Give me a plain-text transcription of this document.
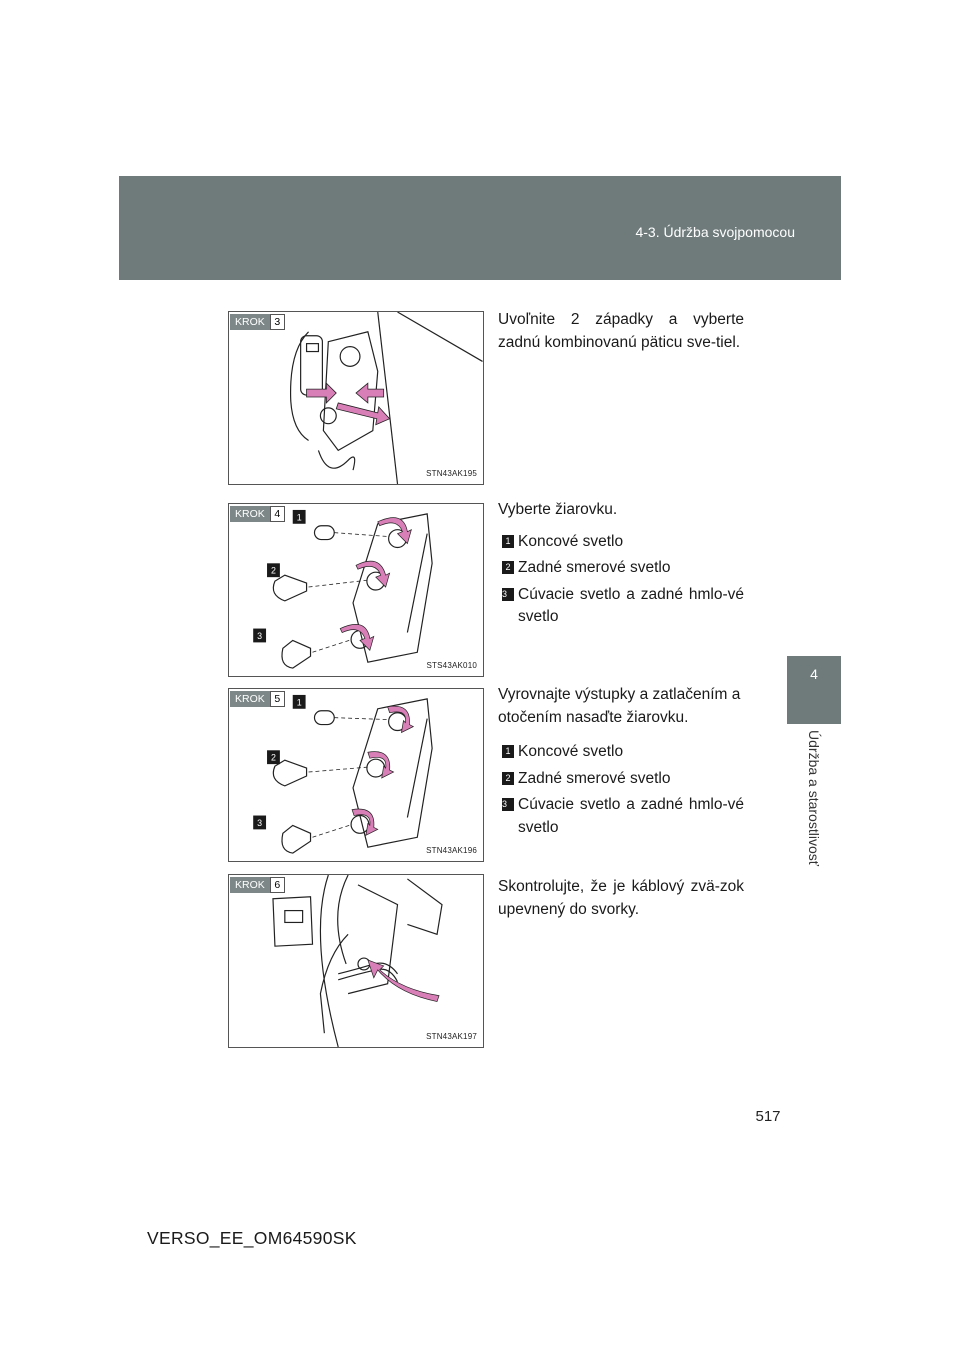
4-3. Údržba svojpomocou
4
Údržba a starostlivosť
KROK 3
STN43AK195

Uvoľnite 2 západky a vyberte zadnú kombinovanú päticu sve-tiel.

1
2
3
KROK 4
STS43AK010

Vyberte žiarovku.

1 Koncové svetlo
2 Zadné smerové svetlo
3 Cúvacie svetlo a zadné hmlo-vé svetlo
1
2
3
KROK 5
STN43AK196

Vyrovnajte výstupky a zatlačením a otočením nasaďte žiarovku.

1 Koncové svetlo
2 Zadné smerové svetlo
3 Cúvacie svetlo a zadné hmlo-vé svetlo
KROK 6
STN43AK197

Skontrolujte, že je káblový zvä-zok upevnený do svorky.

517
VERSO_EE_OM64590SK
